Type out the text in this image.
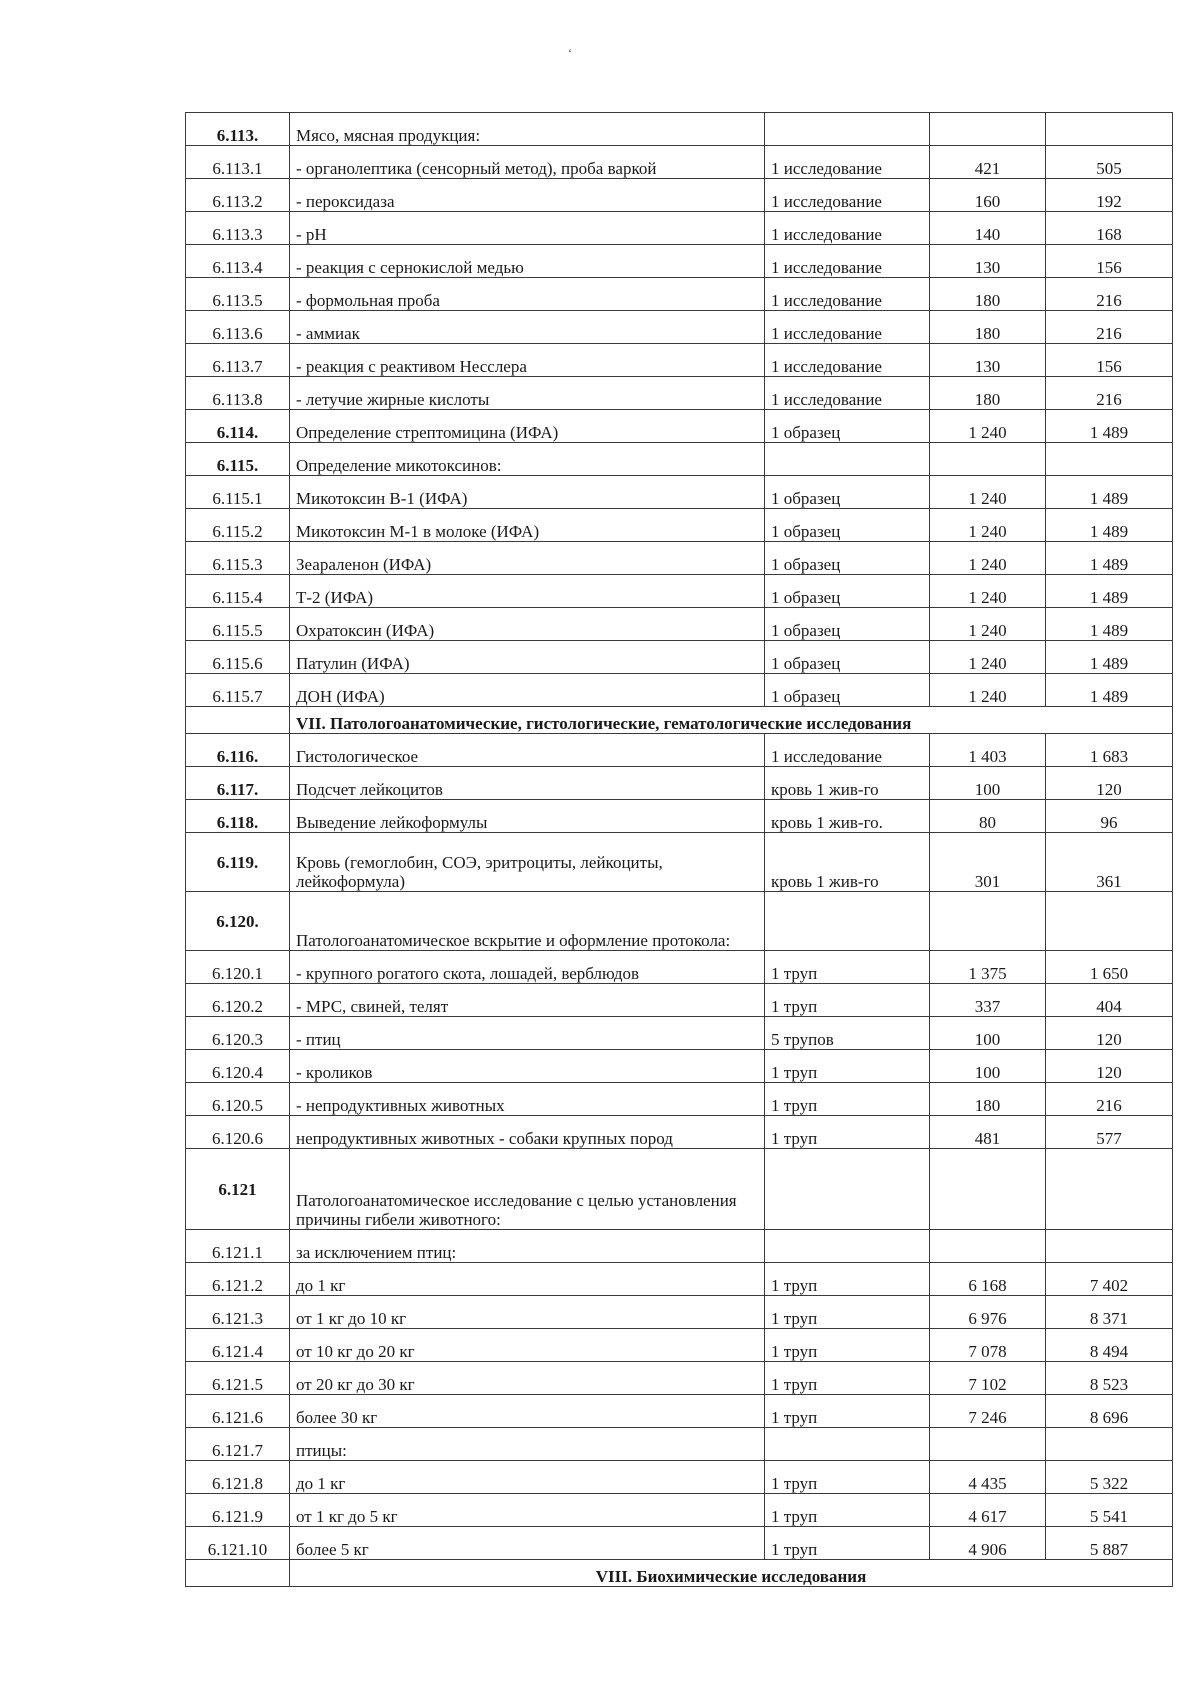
ʻ
6.113.	Мясо, мясная продукция:			
6.113.1	- органолептика (сенсорный метод), проба варкой	1 исследование	421	505
6.113.2	- пероксидаза	1 исследование	160	192
6.113.3	- pH	1 исследование	140	168
6.113.4	- реакция с сернокислой медью	1 исследование	130	156
6.113.5	- формольная проба	1 исследование	180	216
6.113.6	- аммиак	1 исследование	180	216
6.113.7	- реакция с реактивом Несслера	1 исследование	130	156
6.113.8	- летучие жирные кислоты	1 исследование	180	216
6.114.	Определение стрептомицина (ИФА)	1 образец	1 240	1 489
6.115.	Определение микотоксинов:			
6.115.1	Микотоксин В-1 (ИФА)	1 образец	1 240	1 489
6.115.2	Микотоксин М-1 в молоке (ИФА)	1 образец	1 240	1 489
6.115.3	Зеараленон (ИФА)	1 образец	1 240	1 489
6.115.4	Т-2 (ИФА)	1 образец	1 240	1 489
6.115.5	Охратоксин (ИФА)	1 образец	1 240	1 489
6.115.6	Патулин (ИФА)	1 образец	1 240	1 489
6.115.7	ДОН (ИФА)	1 образец	1 240	1 489
	VII. Патологоанатомические, гистологические, гематологические исследования			
6.116.	Гистологическое	1 исследование	1 403	1 683
6.117.	Подсчет лейкоцитов	кровь 1 жив-го	100	120
6.118.	Выведение лейкоформулы	кровь 1 жив-го.	80	96
6.119.	Кровь (гемоглобин, СОЭ, эритроциты, лейкоциты, лейкоформула)	кровь 1 жив-го	301	361
6.120.	Патологоанатомическое вскрытие и оформление протокола:			
6.120.1	- крупного рогатого скота, лошадей, верблюдов	1 труп	1 375	1 650
6.120.2	- МРС, свиней, телят	1 труп	337	404
6.120.3	- птиц	5 трупов	100	120
6.120.4	- кроликов	1 труп	100	120
6.120.5	- непродуктивных животных	1 труп	180	216
6.120.6	непродуктивных животных - собаки крупных пород	1 труп	481	577
6.121	Патологоанатомическое исследование с целью установления причины гибели животного:			
6.121.1	за исключением птиц:			
6.121.2	до 1 кг	1 труп	6 168	7 402
6.121.3	от 1 кг до 10 кг	1 труп	6 976	8 371
6.121.4	от 10 кг до 20 кг	1 труп	7 078	8 494
6.121.5	от 20 кг до 30 кг	1 труп	7 102	8 523
6.121.6	более 30 кг	1 труп	7 246	8 696
6.121.7	птицы:			
6.121.8	до 1 кг	1 труп	4 435	5 322
6.121.9	от 1 кг до 5 кг	1 труп	4 617	5 541
6.121.10	более 5 кг	1 труп	4 906	5 887
	VIII. Биохимические исследования			
